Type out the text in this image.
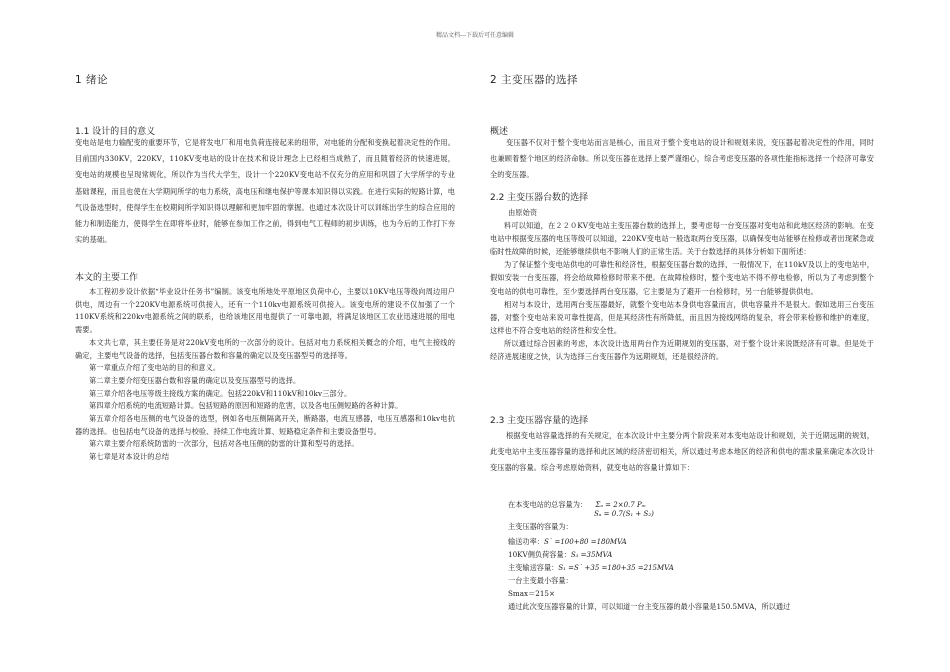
精品文档---下载后可任意编辑
1 绪论
1.1 设计的目的意义
变电站是电力输配变的重要环节，它是将发电厂和用电负荷连接起来的纽带，对电能的分配和变换起着决定性的作用。目前国内330KV，220KV，110KV变电站的设计在技术和设计理念上已经相当成熟了，而且随着经济的快速进展，变电站的规模也呈现常规化，所以作为当代大学生，设计一个220KV变电站不仅充分的应用和巩固了大学所学的专业基础课程，而且也使在大学期间所学的电力系统，高电压和继电保护等课本知识得以实践。在进行实际的短路计算，电气设备选型时，使得学生在校期间所学知识得以理解和更加牢固的掌握。也通过本次设计可以训练出学生的综合应用的能力和制造能力，使得学生在即将毕业时，能够在参加工作之前，得到电气工程师的初步训练，也为今后的工作打下夯实的基础。
本文的主要工作
本工程初步设计依据“毕业设计任务书”编制。该变电所地处平原地区负荷中心，主要以10KV电压等级向周边用户供电，周边有一个220KV电源系统可供接入，还有一个110kv电源系统可供接入。该变电所的建设不仅加强了一个110KV系统和220kv电源系统之间的联系，也给该地区用电提供了一可靠电源，将满足该地区工农业迅速进展的用电需要。
本文共七章，其主要任务是对220kV变电所的一次部分的设计。包括对电力系统相关概念的介绍，电气主接线的确定，主要电气设备的选择，包括变压器台数和容量的确定以及变压器型号的选择等。
第一章重点介绍了变电站的目的和意义。
第二章主要介绍变压器台数和容量的确定以及变压器型号的选择。
第三章介绍各电压等级主接线方案的确定。包括220kV和110kV和10kv三部分。
第四章介绍系统的电流短路计算。包括短路的原因和短路的危害，以及各电压侧短路的各种计算。
第五章介绍各电压侧的电气设备的选型，例如各电压侧隔离开关，断路器，电流互感器，电压互感器和10kv电抗器的选择。也包括电气设备的选择与校验、持续工作电流计算、短路稳定条件和主要设备型号。
第六章主要介绍系统防雷的一次部分，包括对各电压侧的防雷的计算和型号的选择。
第七章是对本设计的总结
2 主变压器的选择
概述
变压器不仅对于整个变电站而言是核心，而且对于整个变电站的设计和规划来说，变压器起着决定性的作用，同时也兼顾着整个地区的经济命脉。所以变压器在选择上要严谨细心，综合考虑变压器的各项性能指标选择一个经济可靠安全的变压器。
2.2 主变压器台数的选择
由原始资
料可以知道，在２２０KV变电站主变压器台数的选择上，要考虑每一台变压器对变电站和此地区经济的影响。在变电站中根据变压器的电压等级可以知道，220KV变电站一般选取两台变压器，以确保变电站能够在检修或者出现紧急或临时性故障的时候，还能够继续供电不影响人们的正常生活。关于台数选择的具体分析如下面所述：
为了保证整个变电站供电的可靠性和经济性，根据变压器台数的选择，一般情况下，在110kV及以上的变电站中，假如安装一台变压器，将会给故障检修时带来不便。在故障检修时，整个变电站不得不停电检修，所以为了考虑到整个变电站的供电可靠性，至少要选择两台变压器，它主要是为了避开一台检修时，另一台能够提供供电。
相对与本设计，选用两台变压器最好，就整个变电站本身供电容量而言，供电容量并不是很大。假如选用三台变压器，对整个变电站来说可靠性提高，但是其经济性有所降低，而且因为接线网络的复杂，将会带来检修和维护的难度，这样也不符合变电站的经济性和安全性。
所以通过综合因素的考虑，本次设计选用两台作为近期规划的变压器，对于整个设计来说既经济有可靠。但是处于经济进展速度之快，认为选择三台变压器作为远期规划，还是很经济的。
2.3 主变压器容量的选择
根据变电站容量选择的有关规定，在本次设计中主要分两个阶段来对本变电站设计和规划，关于近期远期的规划，此变电站中主变压器容量的选择和此区域的经济密切相关，所以通过考虑本地区的经济和供电的需求量来确定本次设计变压器的容量。综合考虑原始资料，就变电站的容量计算如下：
在本变电站的总容量为： Σₐ = 2×0.7 Pₘ
Sₐ = 0.7(S₁ + S₂)
主变压器的容量为：
输送功率：S˙ =100+80 =180MVA
10KV侧负荷容量：S₃ =35MVA
主变输送容量：S₁ =S˙ +35 =180+35 =215MVA
一台主变最小容量：
Smax＝215×
通过此次变压器容量的计算，可以知道一台主变压器的最小容量是150.5MVA，所以通过
